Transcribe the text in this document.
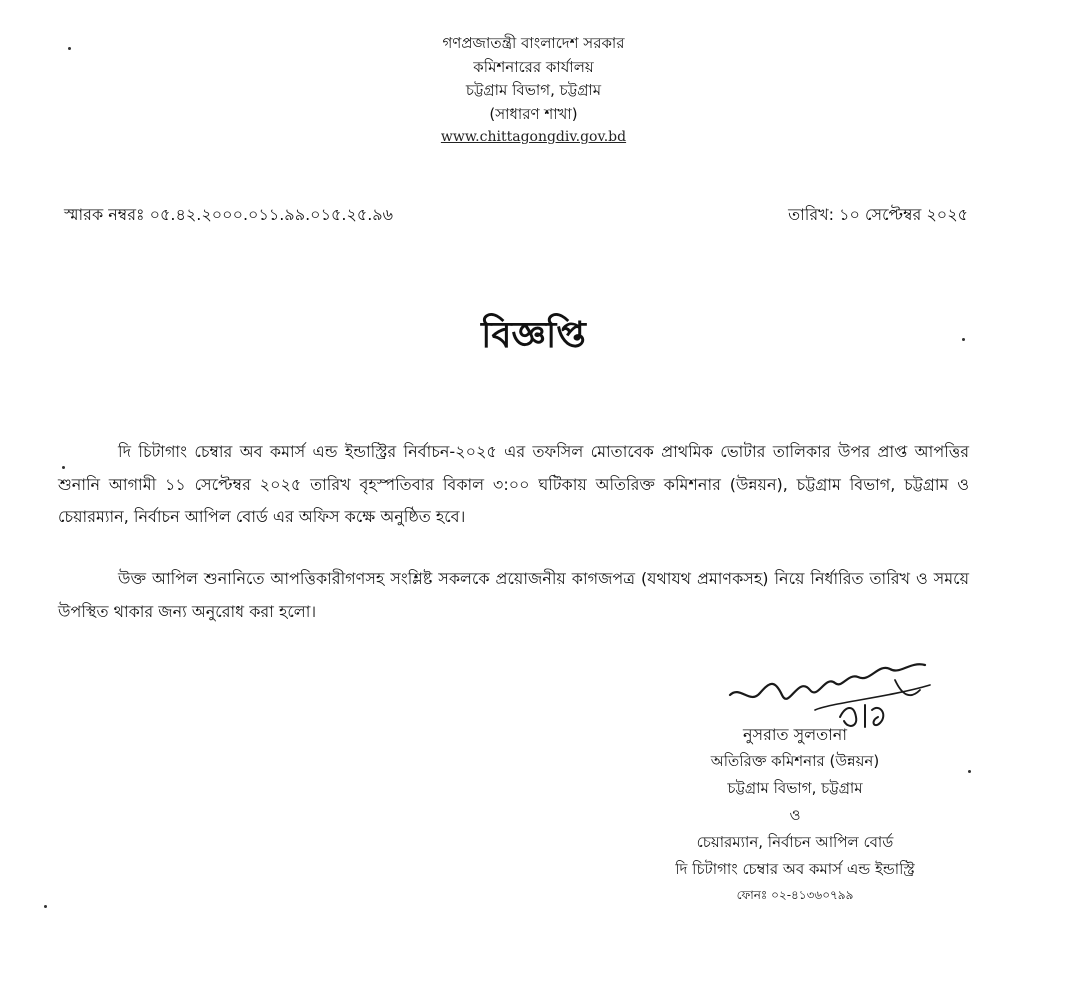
গণপ্রজাতন্ত্রী বাংলাদেশ সরকার
কমিশনারের কার্যালয়
চট্টগ্রাম বিভাগ, চট্টগ্রাম
(সাধারণ শাখা)
www.chittagongdiv.gov.bd
স্মারক নম্বরঃ ০৫.৪২.২০০০.০১১.৯৯.০১৫.২৫.৯৬	তারিখ: ১০ সেপ্টেম্বর ২০২৫
বিজ্ঞপ্তি
দি চিটাগাং চেম্বার অব কমার্স এন্ড ইন্ডাস্ট্রির নির্বাচন-২০২৫ এর তফসিল মোতাবেক প্রাথমিক ভোটার তালিকার উপর প্রাপ্ত আপত্তির শুনানি আগামী ১১ সেপ্টেম্বর ২০২৫ তারিখ বৃহস্পতিবার বিকাল ৩:০০ ঘটিকায় অতিরিক্ত কমিশনার (উন্নয়ন), চট্টগ্রাম বিভাগ, চট্টগ্রাম ও চেয়ারম্যান, নির্বাচন আপিল বোর্ড এর অফিস কক্ষে অনুষ্ঠিত হবে।
উক্ত আপিল শুনানিতে আপত্তিকারীগণসহ সংশ্লিষ্ট সকলকে প্রয়োজনীয় কাগজপত্র (যথাযথ প্রমাণকসহ) নিয়ে নির্ধারিত তারিখ ও সময়ে উপস্থিত থাকার জন্য অনুরোধ করা হলো।
নুসরাত সুলতানা
অতিরিক্ত কমিশনার (উন্নয়ন)
চট্টগ্রাম বিভাগ, চট্টগ্রাম
ও
চেয়ারম্যান, নির্বাচন আপিল বোর্ড
দি চিটাগাং চেম্বার অব কমার্স এন্ড ইন্ডাস্ট্রি
ফোনঃ ০২-৪১৩৬০৭৯৯
